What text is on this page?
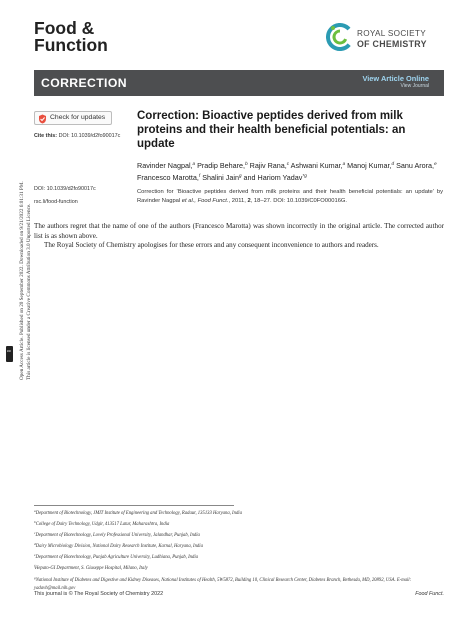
Food &
Function
ROYAL SOCIETY
OF CHEMISTRY
CORRECTION	View Article Online
View Journal
Open Access Article. Published on 20 September 2022. Downloaded on 9/21/2022 6:01:31 PM. This article is licensed under a Creative Commons Attribution 3.0 Unported Licence.
cc
Check for updates
Cite this: DOI: 10.1039/d2fo90017c
DOI: 10.1039/d2fo90017c
rsc.li/food-function
Correction: Bioactive peptides derived from milk proteins and their health beneficial potentials: an update
Ravinder Nagpal,$^a$ Pradip Behare,$^b$ Rajiv Rana,$^c$ Ashwani Kumar,$^a$ Manoj Kumar,$^d$ Sanu Arora,$^e$ Francesco Marotta,$^f$ Shalini Jain$^g$ and Hariom Yadav$^{*g}$
Correction for ‘Bioactive peptides derived from milk proteins and their health beneficial potentials: an update’ by Ravinder Nagpal et al., Food Funct., 2011, 2, 18–27. DOI: 10.1039/C0FO00016G.

The authors regret that the name of one of the authors (Francesco Marotta) was shown incorrectly in the original article. The corrected author list is as shown above.

The Royal Society of Chemistry apologises for these errors and any consequent inconvenience to authors and readers.

$^a$Department of Biotechnology, JMIT Institute of Engineering and Technology, Radaur, 135133 Haryana, India
$^b$College of Dairy Technology, Udgir, 413517 Latur, Maharashtra, India
$^c$Department of Biotechnology, Lovely Professional University, Jalandhar, Punjab, India
$^d$Dairy Microbiology Division, National Dairy Research Institute, Karnal, Haryana, India
$^e$Department of Biotechnology, Punjab Agriculture University, Ludhiana, Punjab, India
$^f$Hepato-GI Department, S. Giuseppe Hospital, Milano, Italy
$^g$National Institute of Diabetes and Digestive and Kidney Diseases, National Institutes of Health, 5W5872, Building 10, Clinical Research Center, Diabetes Branch, Bethesda, MD, 20892, USA. E-mail: yadavh@mail.nih.gov
This journal is © The Royal Society of Chemistry 2022	Food Funct.
